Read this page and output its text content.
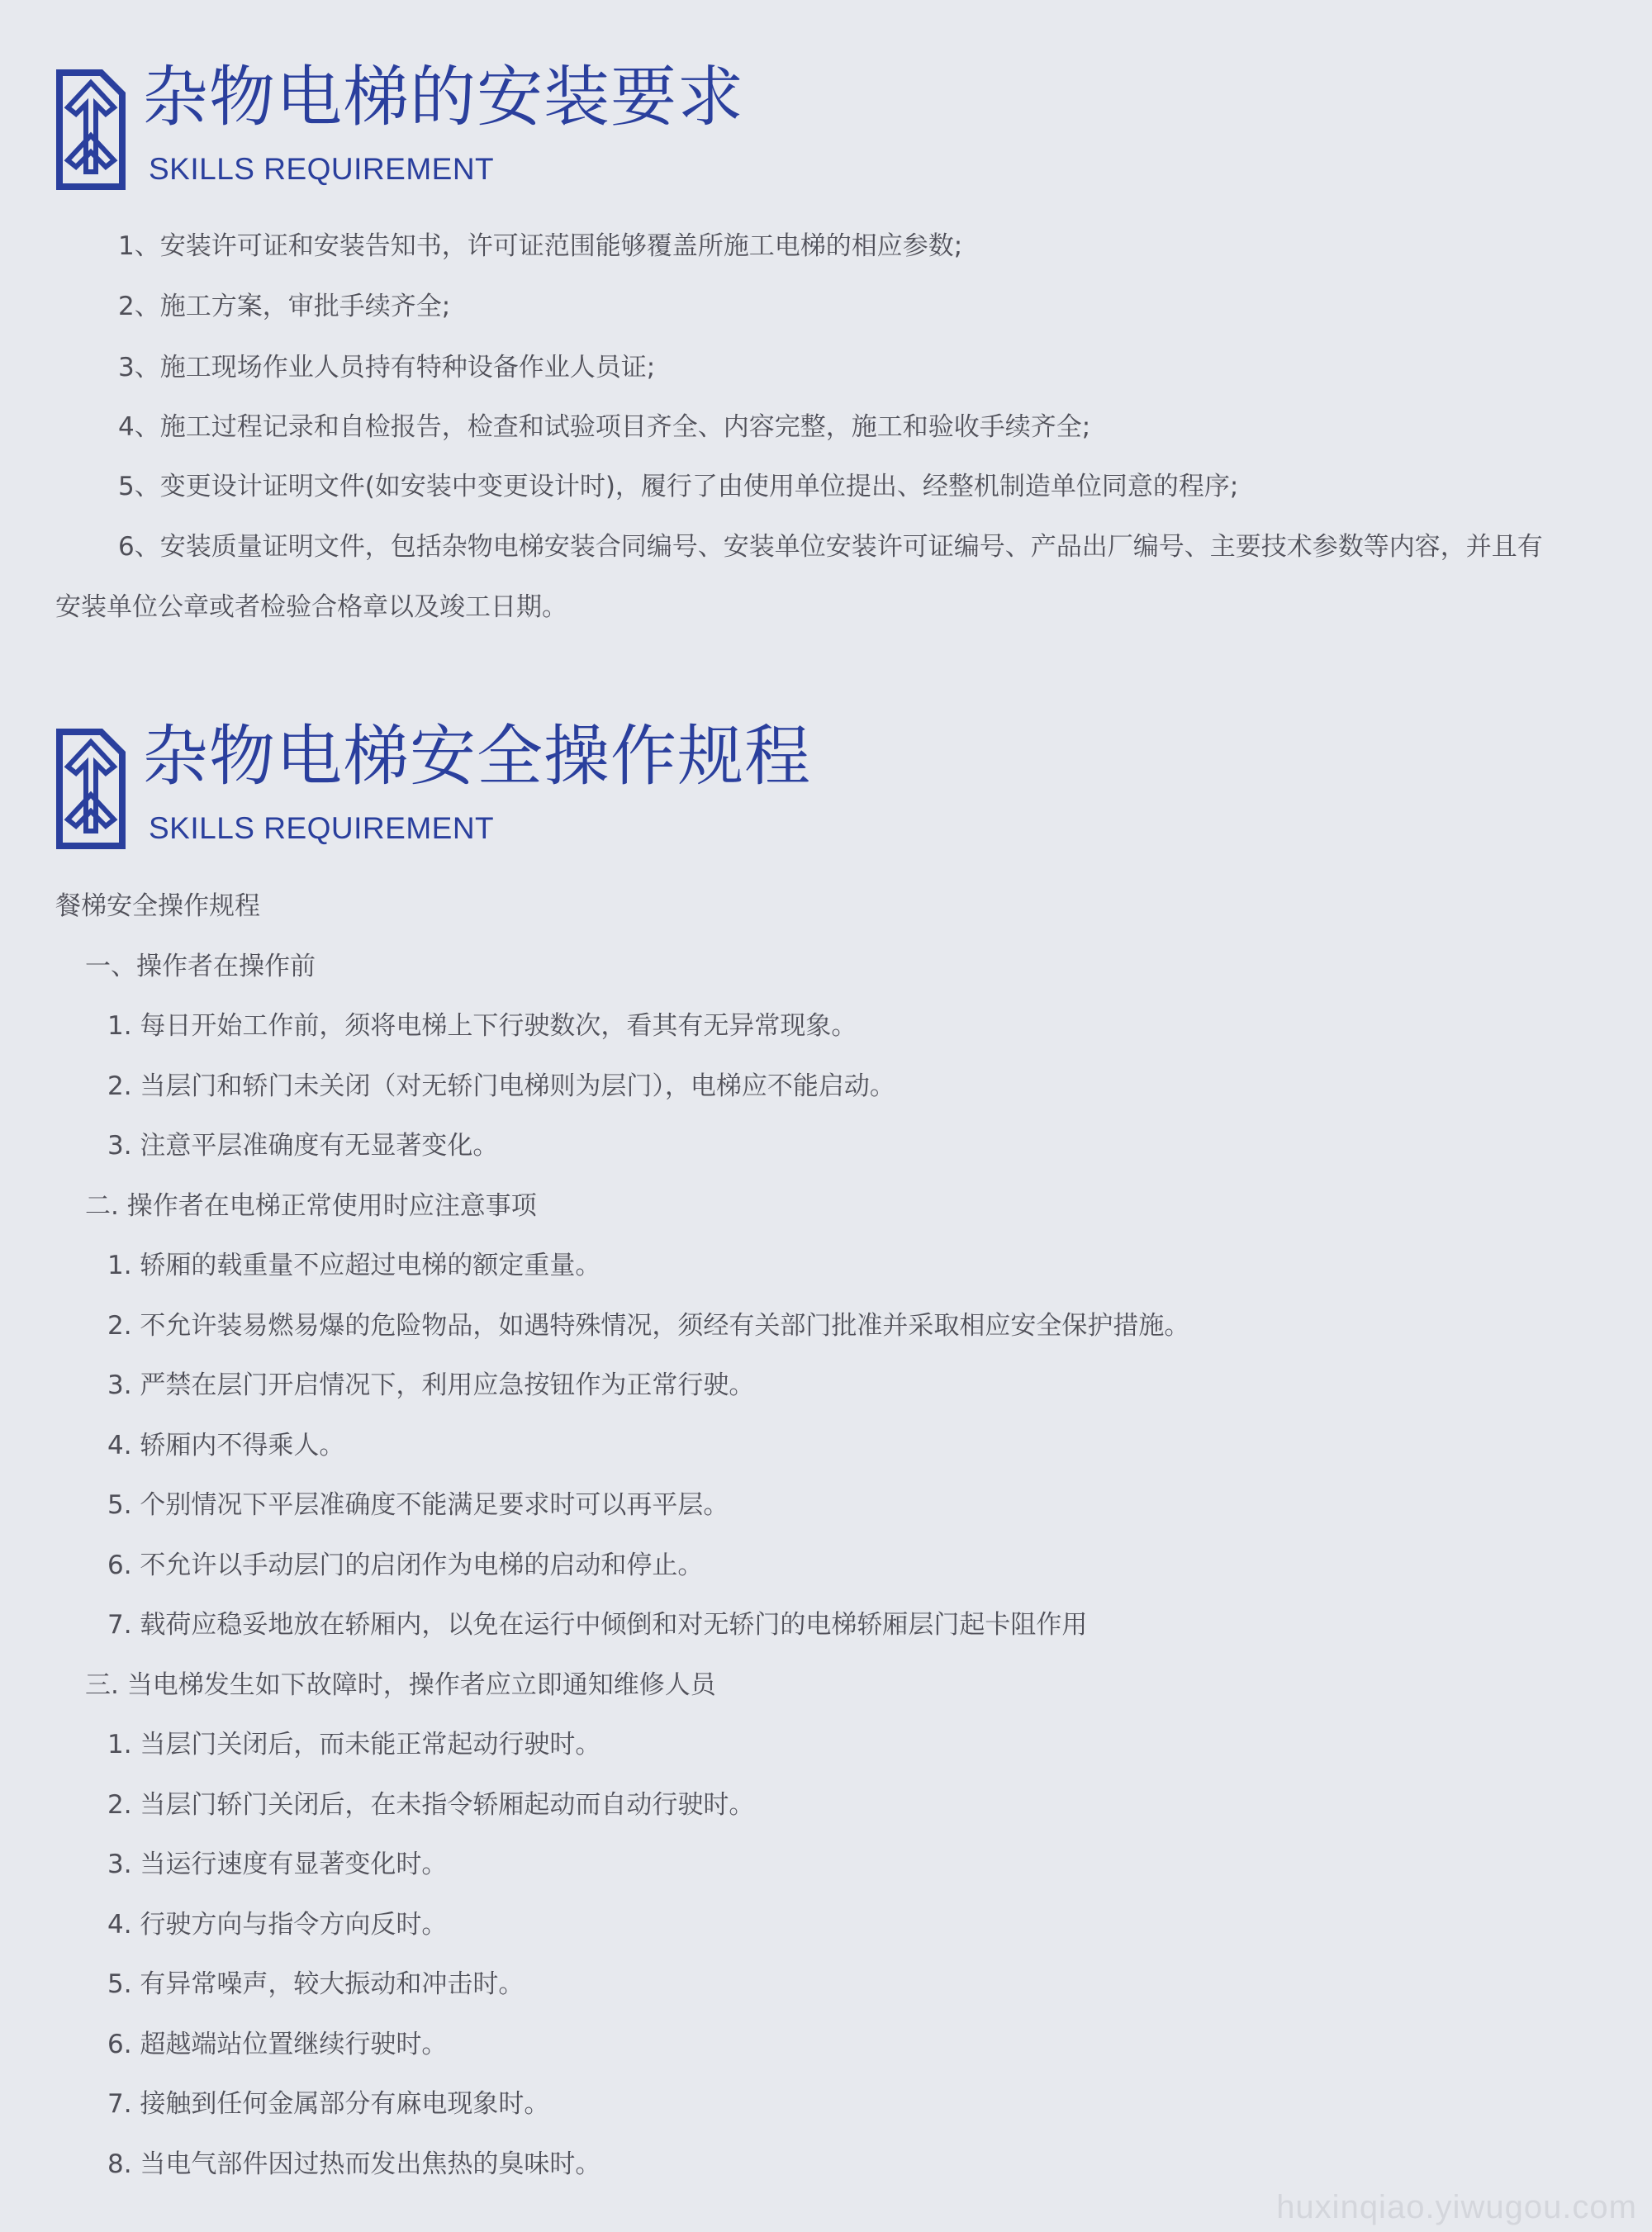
杂物电梯的安装要求
SKILLS REQUIREMENT
1、安装许可证和安装告知书，许可证范围能够覆盖所施工电梯的相应参数;
2、施工方案，审批手续齐全;
3、施工现场作业人员持有特种设备作业人员证;
4、施工过程记录和自检报告，检查和试验项目齐全、内容完整，施工和验收手续齐全;
5、变更设计证明文件(如安装中变更设计时)，履行了由使用单位提出、经整机制造单位同意的程序;
6、安装质量证明文件，包括杂物电梯安装合同编号、安装单位安装许可证编号、产品出厂编号、主要技术参数等内容，并且有
安装单位公章或者检验合格章以及竣工日期。
杂物电梯安全操作规程
SKILLS REQUIREMENT
餐梯安全操作规程
一、操作者在操作前
1. 每日开始工作前，须将电梯上下行驶数次，看其有无异常现象。
2. 当层门和轿门未关闭（对无轿门电梯则为层门），电梯应不能启动。
3. 注意平层准确度有无显著变化。
二. 操作者在电梯正常使用时应注意事项
1. 轿厢的载重量不应超过电梯的额定重量。
2. 不允许装易燃易爆的危险物品，如遇特殊情况，须经有关部门批准并采取相应安全保护措施。
3. 严禁在层门开启情况下，利用应急按钮作为正常行驶。
4. 轿厢内不得乘人。
5. 个别情况下平层准确度不能满足要求时可以再平层。
6. 不允许以手动层门的启闭作为电梯的启动和停止。
7. 载荷应稳妥地放在轿厢内，以免在运行中倾倒和对无轿门的电梯轿厢层门起卡阻作用
三. 当电梯发生如下故障时，操作者应立即通知维修人员
1. 当层门关闭后，而未能正常起动行驶时。
2. 当层门轿门关闭后，在未指令轿厢起动而自动行驶时。
3. 当运行速度有显著变化时。
4. 行驶方向与指令方向反时。
5. 有异常噪声，较大振动和冲击时。
6. 超越端站位置继续行驶时。
7. 接触到任何金属部分有麻电现象时。
8. 当电气部件因过热而发出焦热的臭味时。
huxinqiao.yiwugou.com
